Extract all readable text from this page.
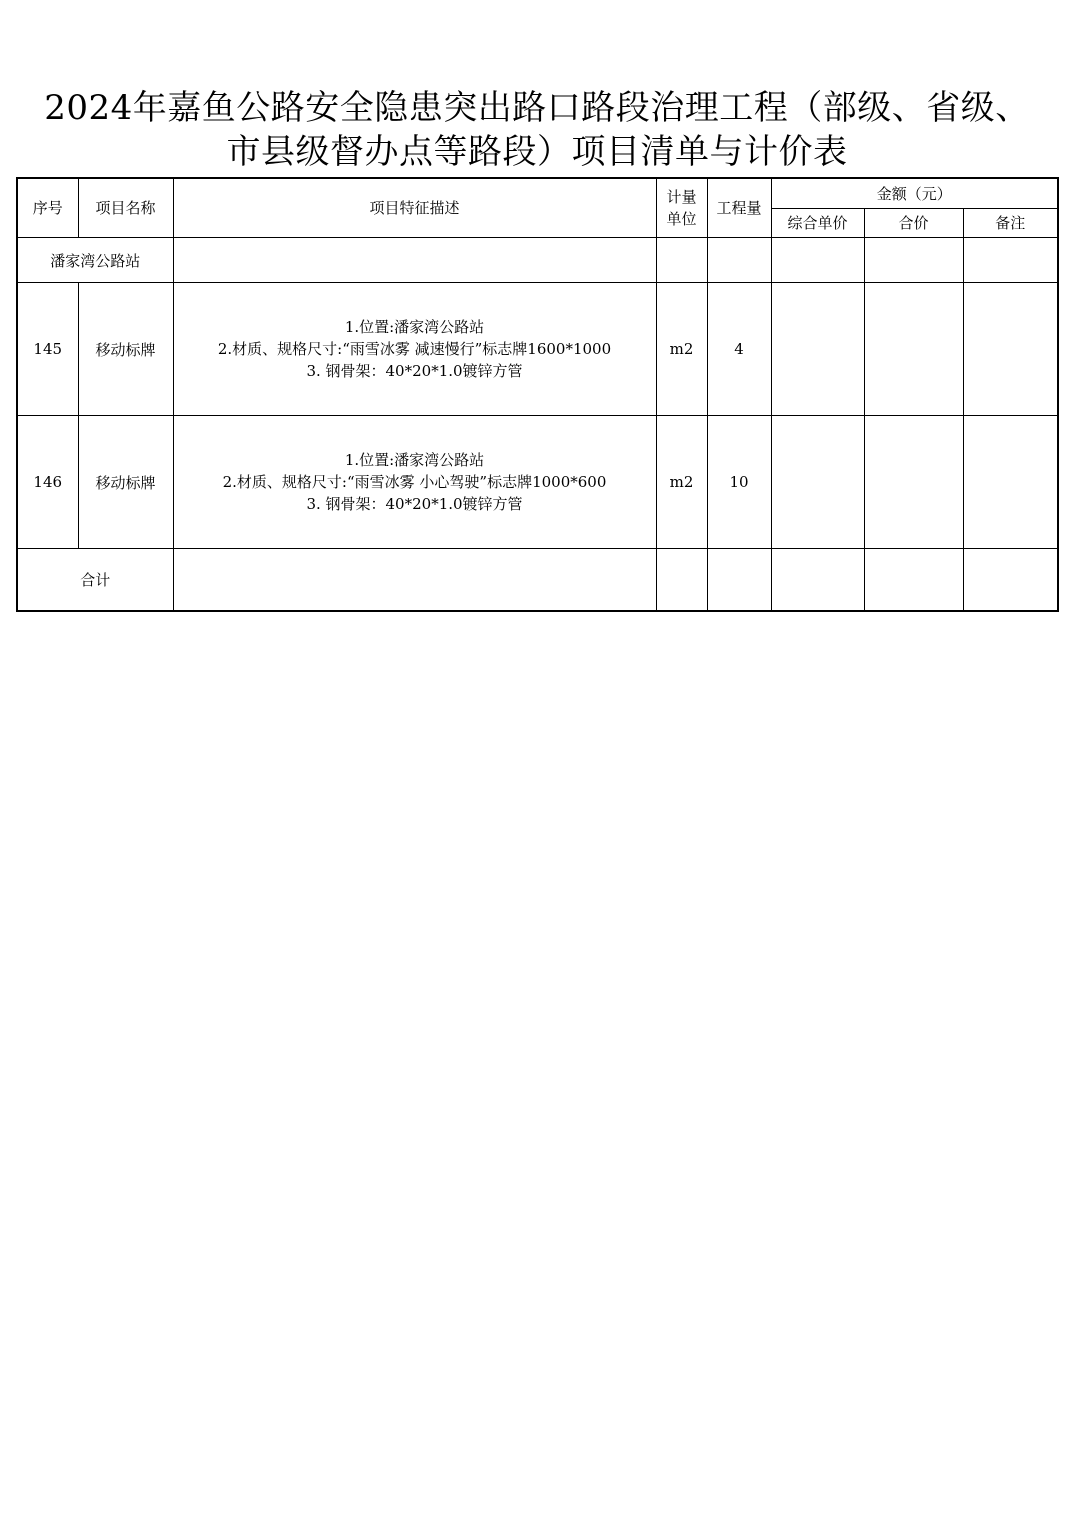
2024年嘉鱼公路安全隐患突出路口路段治理工程（部级、省级、
市县级督办点等路段）项目清单与计价表
序号	项目名称	项目特征描述	计量
单位	工程量	金额（元）		
					综合单价	合价	备注
潘家湾公路站							
145	移动标牌	1.位置:潘家湾公路站
2.材质、规格尺寸:“雨雪冰雾 减速慢行”标志牌1600*1000
3. 钢骨架：40*20*1.0镀锌方管	m2	4			
146	移动标牌	1.位置:潘家湾公路站
2.材质、规格尺寸:“雨雪冰雾 小心驾驶”标志牌1000*600
3. 钢骨架：40*20*1.0镀锌方管	m2	10			
合计							
